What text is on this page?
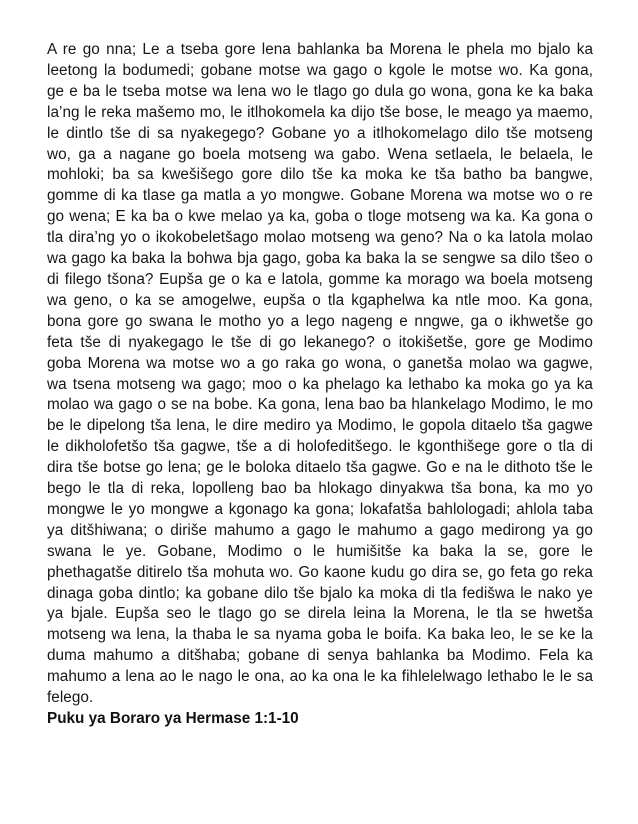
A re go nna; Le a tseba gore lena bahlanka ba Morena le phela mo bjalo ka leetong la bodumedi; gobane motse wa gago o kgole le motse wo. Ka gona, ge e ba le tseba motse wa lena wo le tlago go dula go wona, gona ke ka baka la’ng le reka mašemo mo, le itlhokomela ka dijo tše bose, le meago ya maemo, le dintlo tše di sa nyakegego? Gobane yo a itlhokomelago dilo tše motseng wo, ga a nagane go boela motseng wa gabo. Wena setlaela, le belaela, le mohloki; ba sa kwešišego gore dilo tše ka moka ke tša batho ba bangwe, gomme di ka tlase ga matla a yo mongwe. Gobane Morena wa motse wo o re go wena; E ka ba o kwe melao ya ka, goba o tloge motseng wa ka. Ka gona o tla dira’ng yo o ikokobeletšago molao motseng wa geno? Na o ka latola molao wa gago ka baka la bohwa bja gago, goba ka baka la se sengwe sa dilo tšeo o di filego tšona? Eupša ge o ka e latola, gomme ka morago wa boela motseng wa geno, o ka se amogelwe, eupša o tla kgaphelwa ka ntle moo. Ka gona, bona gore go swana le motho yo a lego nageng e nngwe, ga o ikhwetše go feta tše di nyakegago le tše di go lekanego? o itokišetše, gore ge Modimo goba Morena wa motse wo a go raka go wona, o ganetša molao wa gagwe, wa tsena motseng wa gago; moo o ka phelago ka lethabo ka moka go ya ka molao wa gago o se na bobe. Ka gona, lena bao ba hlankelago Modimo, le mo be le dipelong tša lena, le dire mediro ya Modimo, le gopola ditaelo tša gagwe le dikholofetšo tša gagwe, tše a di holofeditšego. le kgonthišege gore o tla di dira tše botse go lena; ge le boloka ditaelo tša gagwe. Go e na le dithoto tše le bego le tla di reka, lopolleng bao ba hlokago dinyakwa tša bona, ka mo yo mongwe le yo mongwe a kgonago ka gona; lokafatša bahlologadi; ahlola taba ya ditšhiwana; o diriše mahumo a gago le mahumo a gago medirong ya go swana le ye. Gobane, Modimo o le humišitše ka baka la se, gore le phethagatše ditirelo tša mohuta wo. Go kaone kudu go dira se, go feta go reka dinaga goba dintlo; ka gobane dilo tše bjalo ka moka di tla fedišwa le nako ye ya bjale. Eupša seo le tlago go se direla leina la Morena, le tla se hwetša motseng wa lena, la thaba le sa nyama goba le boifa. Ka baka leo, le se ke la duma mahumo a ditšhaba; gobane di senya bahlanka ba Modimo. Fela ka mahumo a lena ao le nago le ona, ao ka ona le ka fihlelelwago lethabo le le sa felego.

Puku ya Boraro ya Hermase 1:1-10
